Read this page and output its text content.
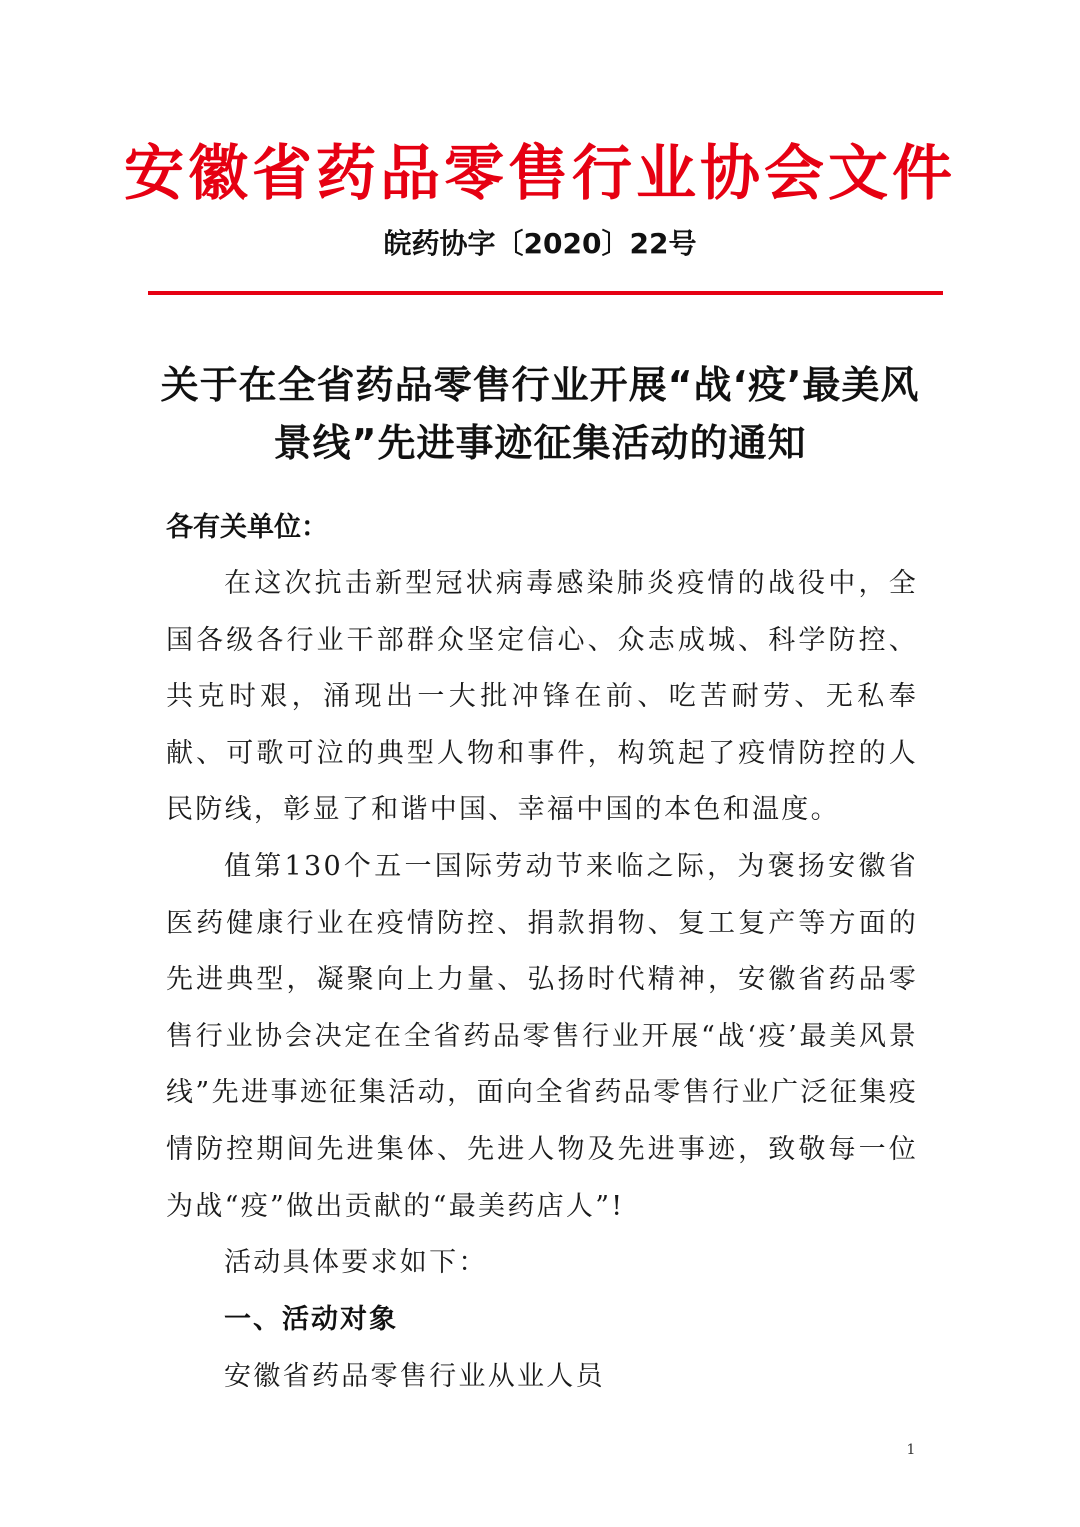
安徽省药品零售行业协会文件
皖药协字〔2020〕22号
关于在全省药品零售行业开展“战‘疫’最美风景线”先进事迹征集活动的通知
各有关单位：

在这次抗击新型冠状病毒感染肺炎疫情的战役中，全国各级各行业干部群众坚定信心、众志成城、科学防控、共克时艰，涌现出一大批冲锋在前、吃苦耐劳、无私奉献、可歌可泣的典型人物和事件，构筑起了疫情防控的人民防线，彰显了和谐中国、幸福中国的本色和温度。

值第130个五一国际劳动节来临之际，为褒扬安徽省医药健康行业在疫情防控、捐款捐物、复工复产等方面的先进典型，凝聚向上力量、弘扬时代精神，安徽省药品零售行业协会决定在全省药品零售行业开展“战‘疫’最美风景线”先进事迹征集活动，面向全省药品零售行业广泛征集疫情防控期间先进集体、先进人物及先进事迹，致敬每一位为战“疫”做出贡献的“最美药店人”!

活动具体要求如下：

一、活动对象

安徽省药品零售行业从业人员

1
